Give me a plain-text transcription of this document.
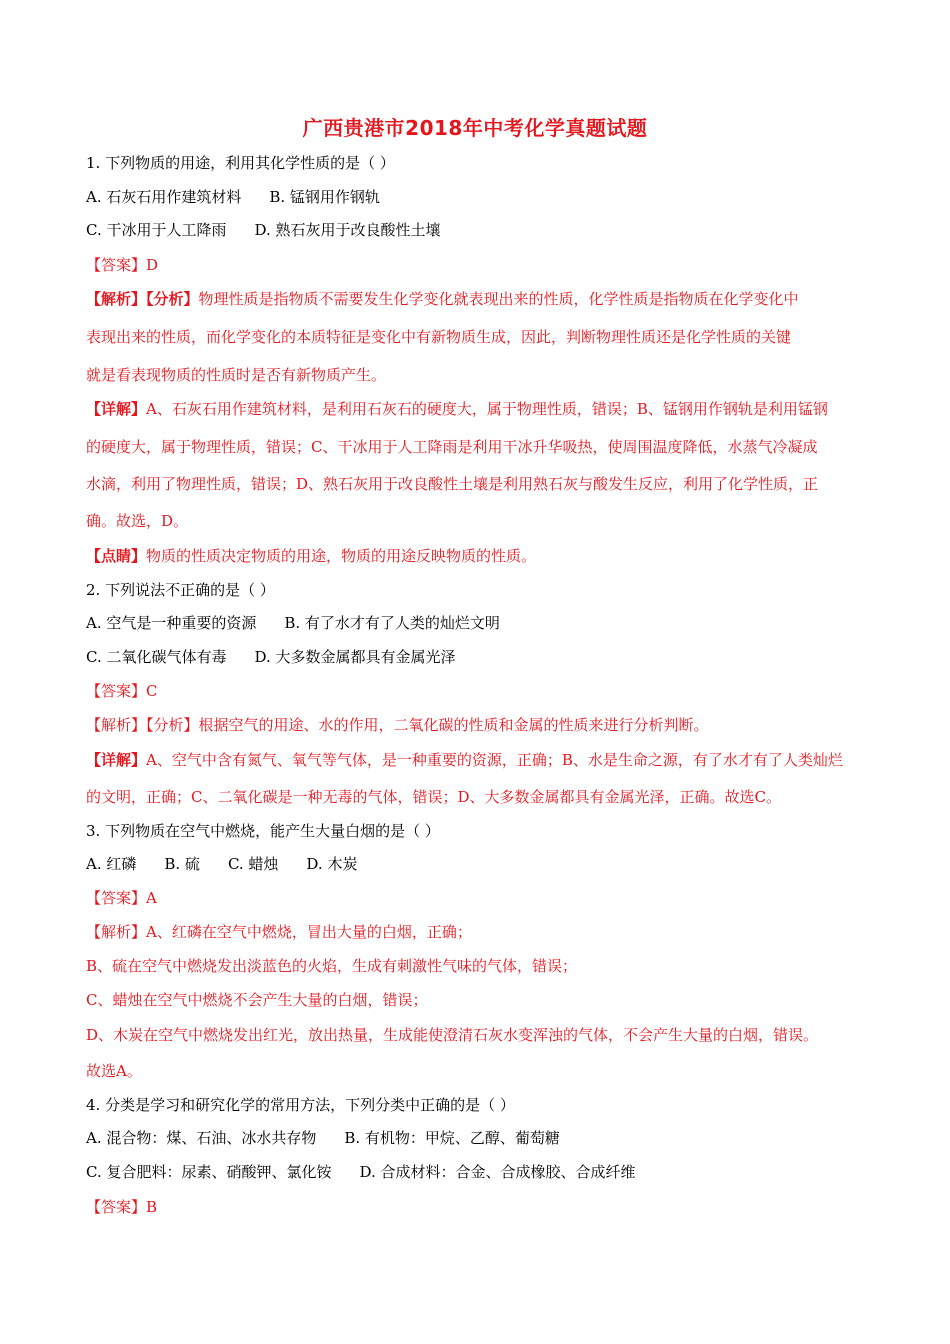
广西贵港市2018年中考化学真题试题
1. 下列物质的用途，利用其化学性质的是（ ）
A. 石灰石用作建筑材料 B. 锰钢用作钢轨
C. 干冰用于人工降雨 D. 熟石灰用于改良酸性土壤
【答案】D
【解析】【分析】物理性质是指物质不需要发生化学变化就表现出来的性质，化学性质是指物质在化学变化中
表现出来的性质，而化学变化的本质特征是变化中有新物质生成，因此，判断物理性质还是化学性质的关键
就是看表现物质的性质时是否有新物质产生。
【详解】A、石灰石用作建筑材料，是利用石灰石的硬度大，属于物理性质，错误；B、锰钢用作钢轨是利用锰钢
的硬度大，属于物理性质，错误；C、干冰用于人工降雨是利用干冰升华吸热，使周围温度降低，水蒸气冷凝成
水滴，利用了物理性质，错误；D、熟石灰用于改良酸性土壤是利用熟石灰与酸发生反应，利用了化学性质，正
确。故选，D。
【点睛】物质的性质决定物质的用途，物质的用途反映物质的性质。
2. 下列说法不正确的是（ ）
A. 空气是一种重要的资源 B. 有了水才有了人类的灿烂文明
C. 二氧化碳气体有毒 D. 大多数金属都具有金属光泽
【答案】C
【解析】【分析】根据空气的用途、水的作用，二氧化碳的性质和金属的性质来进行分析判断。
【详解】A、空气中含有氮气、氧气等气体，是一种重要的资源，正确；B、水是生命之源，有了水才有了人类灿烂
的文明，正确；C、二氧化碳是一种无毒的气体，错误；D、大多数金属都具有金属光泽，正确。故选C。
3. 下列物质在空气中燃烧，能产生大量白烟的是（ ）
A. 红磷 B. 硫 C. 蜡烛 D. 木炭
【答案】A
【解析】A、红磷在空气中燃烧，冒出大量的白烟，正确；
B、硫在空气中燃烧发出淡蓝色的火焰，生成有刺激性气味的气体，错误；
C、蜡烛在空气中燃烧不会产生大量的白烟，错误；
D、木炭在空气中燃烧发出红光，放出热量，生成能使澄清石灰水变浑浊的气体，不会产生大量的白烟，错误。
故选A。
4. 分类是学习和研究化学的常用方法，下列分类中正确的是（ ）
A. 混合物：煤、石油、冰水共存物 B. 有机物：甲烷、乙醇、葡萄糖
C. 复合肥料：尿素、硝酸钾、氯化铵 D. 合成材料：合金、合成橡胶、合成纤维
【答案】B
